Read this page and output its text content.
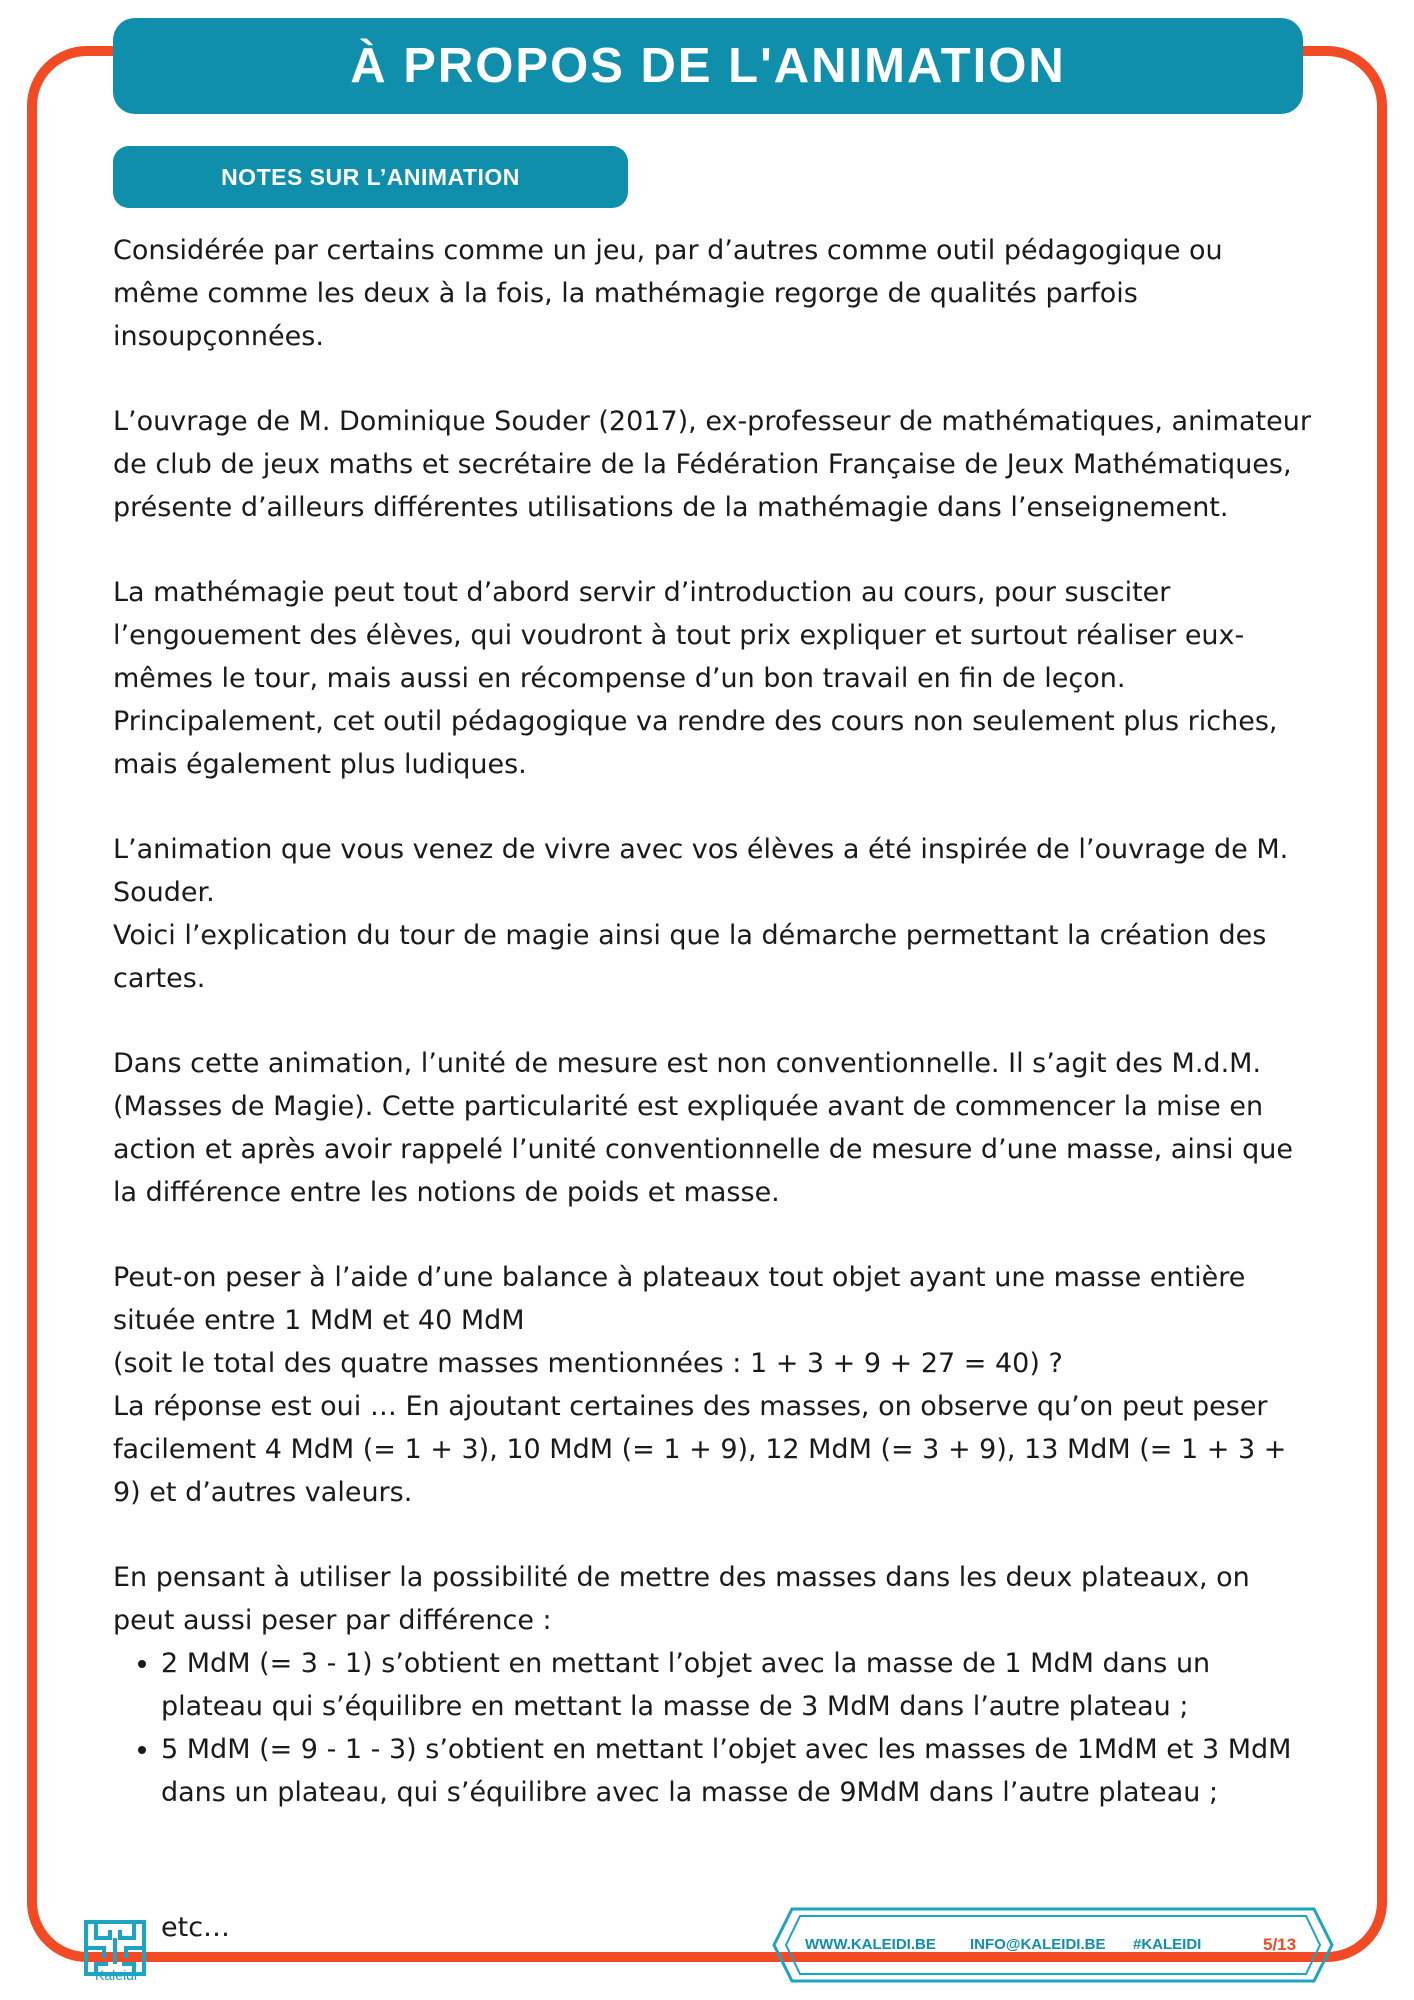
À PROPOS DE L'ANIMATION
NOTES SUR L’ANIMATION

Considérée par certains comme un jeu, par d’autres comme outil pédagogique ou même comme les deux à la fois, la mathémagie regorge de qualités parfois insoupçonnées.

L’ouvrage de M. Dominique Souder (2017), ex-professeur de mathématiques, animateur de club de jeux maths et secrétaire de la Fédération Française de Jeux Mathématiques, présente d’ailleurs différentes utilisations de la mathémagie dans l’enseignement.

La mathémagie peut tout d’abord servir d’introduction au cours, pour susciter l’engouement des élèves, qui voudront à tout prix expliquer et surtout réaliser eux-mêmes le tour, mais aussi en récompense d’un bon travail en fin de leçon. Principalement, cet outil pédagogique va rendre des cours non seulement plus riches, mais également plus ludiques.

L’animation que vous venez de vivre avec vos élèves a été inspirée de l’ouvrage de M. Souder.

Voici l’explication du tour de magie ainsi que la démarche permettant la création des cartes.

Dans cette animation, l’unité de mesure est non conventionnelle. Il s’agit des M.d.M. (Masses de Magie). Cette particularité est expliquée avant de commencer la mise en action et après avoir rappelé l’unité conventionnelle de mesure d’une masse, ainsi que la différence entre les notions de poids et masse.

Peut-on peser à l’aide d’une balance à plateaux tout objet ayant une masse entière située entre 1 MdM et 40 MdM

(soit le total des quatre masses mentionnées : 1 + 3 + 9 + 27 = 40) ?

La réponse est oui … En ajoutant certaines des masses, on observe qu’on peut peser facilement 4 MdM (= 1 + 3), 10 MdM (= 1 + 9), 12 MdM (= 3 + 9), 13 MdM (= 1 + 3 + 9) et d’autres valeurs.

En pensant à utiliser la possibilité de mettre des masses dans les deux plateaux, on peut aussi peser par différence :

• 2 MdM (= 3 - 1) s’obtient en mettant l’objet avec la masse de 1 MdM dans un plateau qui s’équilibre en mettant la masse de 3 MdM dans l’autre plateau ;
• 5 MdM (= 9 - 1 - 3) s’obtient en mettant l’objet avec les masses de 1MdM et 3 MdM dans un plateau, qui s’équilibre avec la masse de 9MdM dans l’autre plateau ;
etc…
Kaleidi
WWW.KALEIDI.BE INFO@KALEIDI.BE #KALEIDI	5/13
